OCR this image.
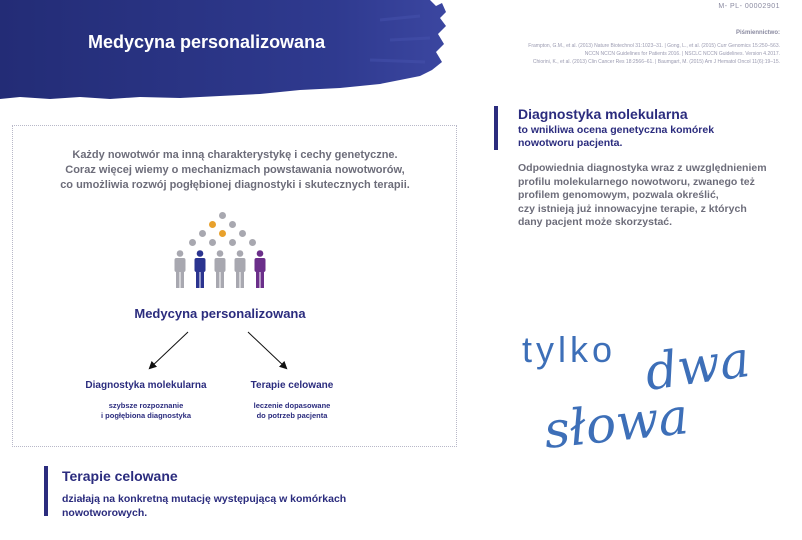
Medycyna personalizowana
M- PL- 00002901
Piśmiennictwo:
Frampton, G.M., et al. (2013) Nature Biotechnol 31:1023–31. | Gong, L., et al. (2015) Curr Genomics 15:250–563.
NCCN NCCN Guidelines for Patients 2016. | NSCLC NCCN Guidelines. Version 4.2017.
Chiorini, K., et al. (2013) Clin Cancer Res 18:2566–61. | Baumgart, M. (2015) Am J Hematol Oncol 11(6):19–15.
Każdy nowotwór ma inną charakterystykę i cechy genetyczne.
Coraz więcej wiemy o mechanizmach powstawania nowotworów,
co umożliwia rozwój pogłębionej diagnostyki i skutecznych terapii.
Medycyna personalizowana
Diagnostyka molekularna
szybsze rozpoznanie
i pogłębiona diagnostyka
Terapie celowane
leczenie dopasowane
do potrzeb pacjenta
Diagnostyka molekularna
to wnikliwa ocena genetyczna komórek
nowotworu pacjenta.
Odpowiednia diagnostyka wraz z uwzględnieniem
profilu molekularnego nowotworu, zwanego też
profilem genomowym, pozwala określić,
czy istnieją już innowacyjne terapie, z których
dany pacjent może skorzystać.
tylko dwa
słowa
Terapie celowane
działają na konkretną mutację występującą w komórkach
nowotworowych.
